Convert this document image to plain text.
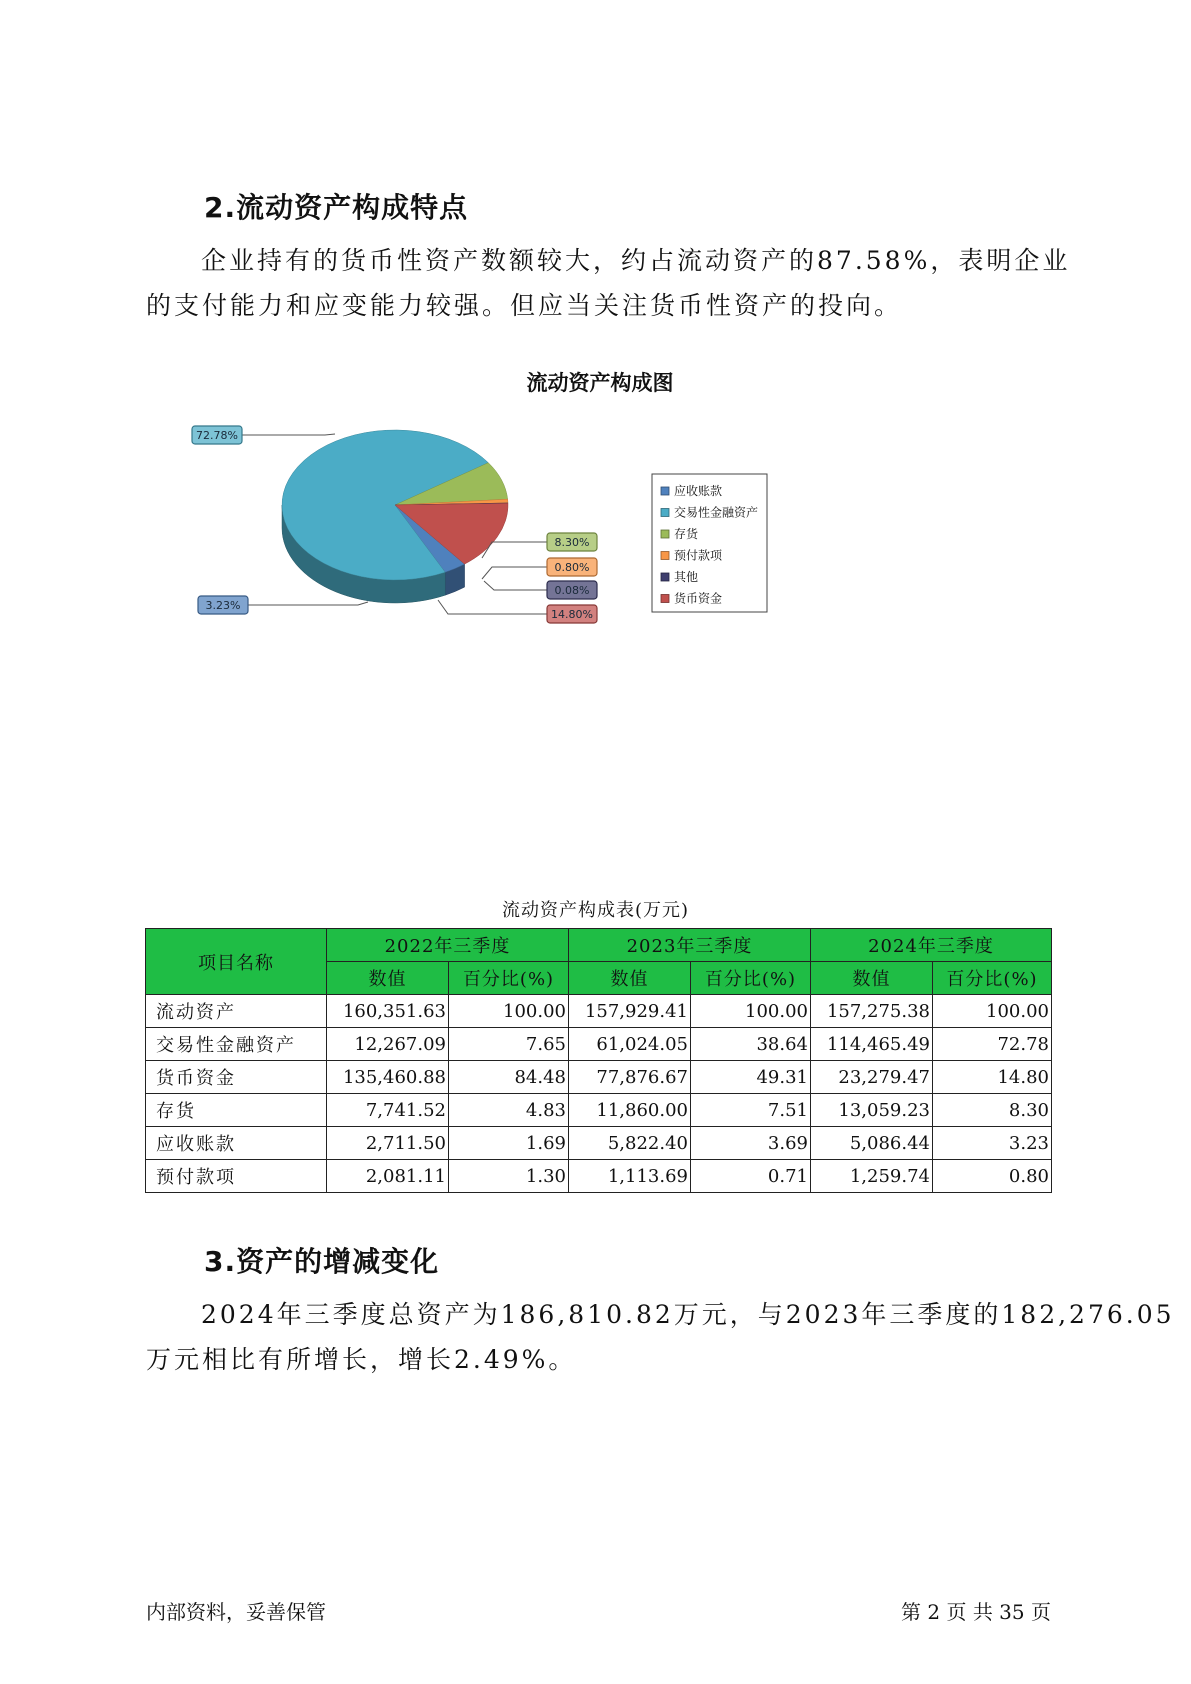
2.流动资产构成特点
企业持有的货币性资产数额较大，约占流动资产的87.58%，表明企业
的支付能力和应变能力较强。但应当关注货币性资产的投向。
流动资产构成图
72.78%
8.30%
0.80%
0.08%
14.80%
3.23%
应收账款
交易性金融资产
存货
预付款项
其他
货币资金
流动资产构成表(万元)
项目名称	2022年三季度		2023年三季度		2024年三季度	
	数值	百分比(%)	数值	百分比(%)	数值	百分比(%)
流动资产	160,351.63	100.00	157,929.41	100.00	157,275.38	100.00
交易性金融资产	12,267.09	7.65	61,024.05	38.64	114,465.49	72.78
货币资金	135,460.88	84.48	77,876.67	49.31	23,279.47	14.80
存货	7,741.52	4.83	11,860.00	7.51	13,059.23	8.30
应收账款	2,711.50	1.69	5,822.40	3.69	5,086.44	3.23
预付款项	2,081.11	1.30	1,113.69	0.71	1,259.74	0.80
3.资产的增减变化
2024年三季度总资产为186,810.82万元，与2023年三季度的182,276.05
万元相比有所增长，增长2.49%。
内部资料，妥善保管	第 2 页 共 35 页
